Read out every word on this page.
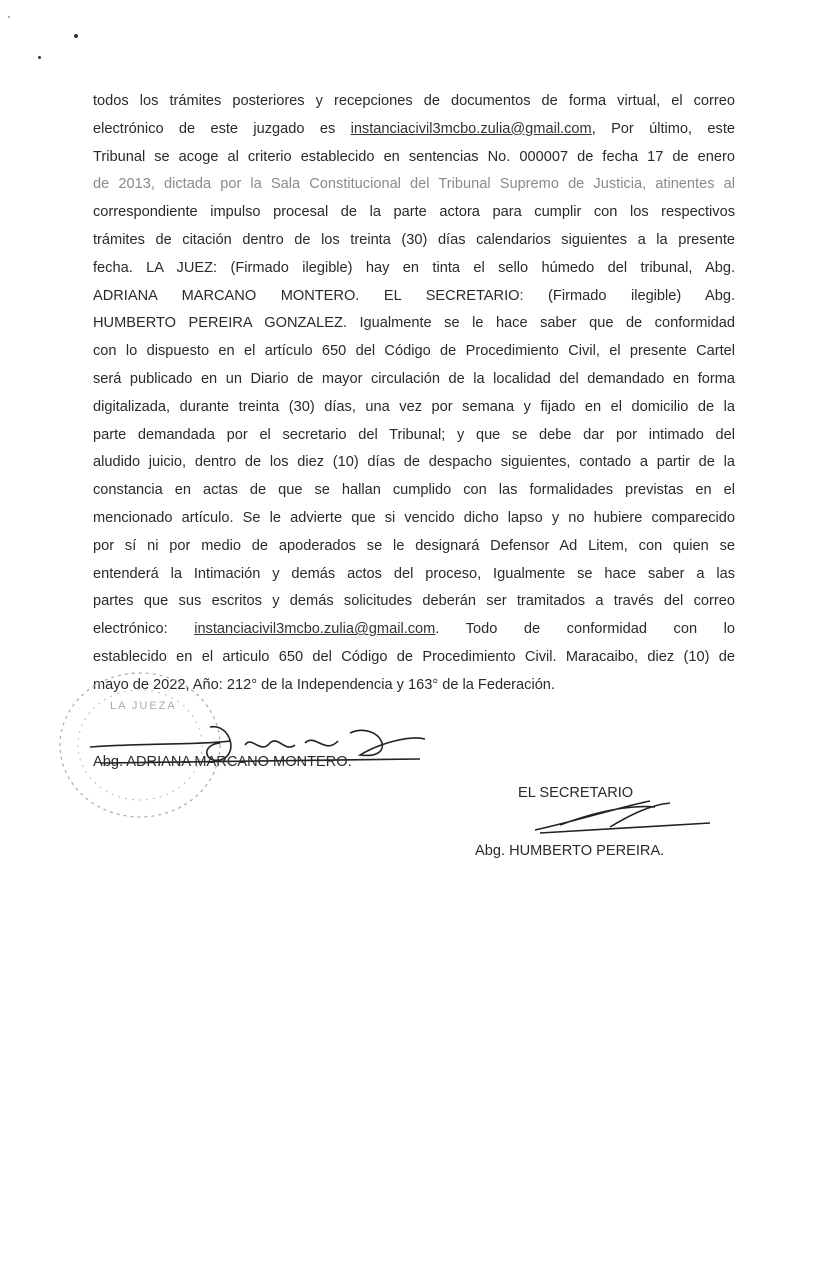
todos los trámites posteriores y recepciones de documentos de forma virtual, el correo
electrónico de este juzgado es instanciacivil3mcbo.zulia@gmail.com, Por último, este
Tribunal se acoge al criterio establecido en sentencias No. 000007 de fecha 17 de enero
de 2013, dictada por la Sala Constitucional del Tribunal Supremo de Justicia, atinentes al
correspondiente impulso procesal de la parte actora para cumplir con los respectivos
trámites de citación dentro de los treinta (30) días calendarios siguientes a la presente
fecha. LA JUEZ: (Firmado ilegible) hay en tinta el sello húmedo del tribunal, Abg.
ADRIANA MARCANO MONTERO. EL SECRETARIO: (Firmado ilegible) Abg.
HUMBERTO PEREIRA GONZALEZ. Igualmente se le hace saber que de conformidad
con lo dispuesto en el artículo 650 del Código de Procedimiento Civil, el presente Cartel
será publicado en un Diario de mayor circulación de la localidad del demandado en forma
digitalizada, durante treinta (30) días, una vez por semana y fijado en el domicilio de la
parte demandada por el secretario del Tribunal; y que se debe dar por intimado del
aludido juicio, dentro de los diez (10) días de despacho siguientes, contado a partir de la
constancia en actas de que se hallan cumplido con las formalidades previstas en el
mencionado artículo. Se le advierte que si vencido dicho lapso y no hubiere comparecido
por sí ni por medio de apoderados se le designará Defensor Ad Litem, con quien se
entenderá la Intimación y demás actos del proceso, Igualmente se hace saber a las
partes que sus escritos y demás solicitudes deberán ser tramitados a través del correo
electrónico: instanciacivil3mcbo.zulia@gmail.com. Todo de conformidad con lo
establecido en el articulo 650 del Código de Procedimiento Civil. Maracaibo, diez (10) de
mayo de 2022, Año: 212° de la Independencia y 163° de la Federación.
LA JUEZA
Abg. ADRIANA MARCANO MONTERO.
EL SECRETARIO
Abg. HUMBERTO PEREIRA.
